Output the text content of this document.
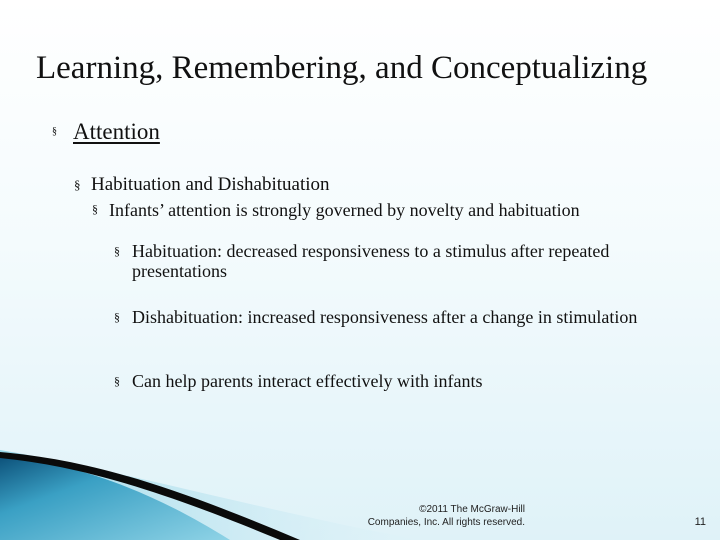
Learning, Remembering, and Conceptualizing
§ Attention
§ Habituation and Dishabituation
§ Infants’ attention is strongly governed by novelty and habituation
§ Habituation: decreased responsiveness to a stimulus after repeated presentations
§ Dishabituation: increased responsiveness after a change in stimulation
§ Can help parents interact effectively with infants
©2011 The McGraw-Hill
Companies, Inc. All rights reserved.	11
